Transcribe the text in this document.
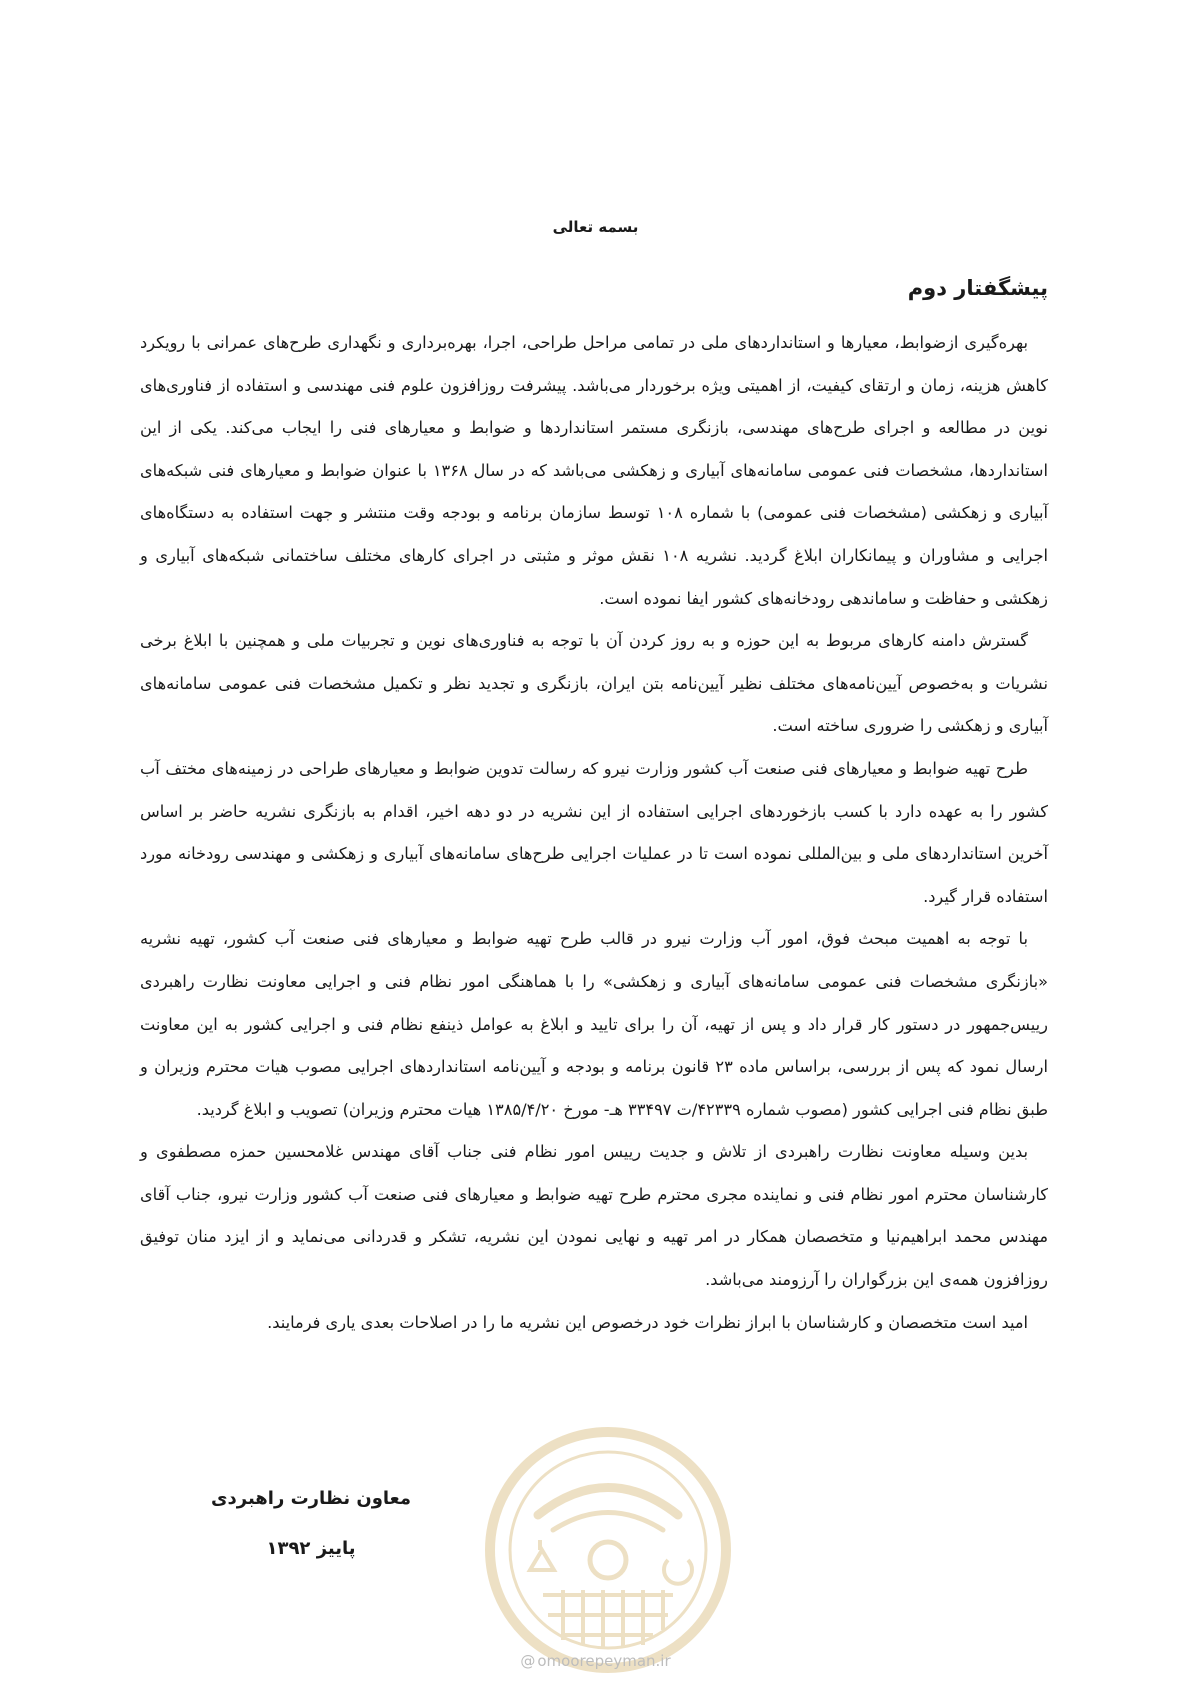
بسمه تعالی
پیشگفتار دوم

بهره‌گیری ازضوابط، معیارها و استانداردهای ملی در تمامی مراحل طراحی، اجرا، بهره‌برداری و نگهداری طرح‌های عمرانی با رویکرد کاهش هزینه، زمان و ارتقای کیفیت، از اهمیتی ویژه برخوردار می‌باشد. پیشرفت روزافزون علوم فنی مهندسی و استفاده از فناوری‌های نوین در مطالعه و اجرای طرح‌های مهندسی، بازنگری مستمر استانداردها و ضوابط و معیارهای فنی را ایجاب می‌کند. یکی از این استانداردها، مشخصات فنی عمومی سامانه‌های آبیاری و زهکشی می‌باشد که در سال ۱۳۶۸ با عنوان ضوابط و معیارهای فنی شبکه‌های آبیاری و زهکشی (مشخصات فنی عمومی) با شماره ۱۰۸ توسط سازمان برنامه و بودجه وقت منتشر و جهت استفاده به دستگاه‌های اجرایی و مشاوران و پیمانکاران ابلاغ گردید. نشریه ۱۰۸ نقش موثر و مثبتی در اجرای کارهای مختلف ساختمانی شبکه‌های آبیاری و زهکشی و حفاظت و ساماندهی رودخانه‌های کشور ایفا نموده است.

گسترش دامنه کارهای مربوط به این حوزه و به روز کردن آن با توجه به فناوری‌های نوین و تجربیات ملی و همچنین با ابلاغ برخی نشریات و به‌خصوص آیین‌نامه‌های مختلف نظیر آیین‌نامه بتن ایران، بازنگری و تجدید نظر و تکمیل مشخصات فنی عمومی سامانه‌های آبیاری و زهکشی را ضروری ساخته است.

طرح تهیه ضوابط و معیارهای فنی صنعت آب کشور وزارت نیرو که رسالت تدوین ضوابط و معیارهای طراحی در زمینه‌های مختف آب کشور را به عهده دارد با کسب بازخوردهای اجرایی استفاده از این نشریه در دو دهه اخیر، اقدام به بازنگری نشریه حاضر بر اساس آخرین استانداردهای ملی و بین‌المللی نموده است تا در عملیات اجرایی طرح‌های سامانه‌های آبیاری و زهکشی و مهندسی رودخانه مورد استفاده قرار گیرد.

با توجه به اهمیت مبحث فوق، امور آب وزارت نیرو در قالب طرح تهیه ضوابط و معیارهای فنی صنعت آب کشور، تهیه نشریه «بازنگری مشخصات فنی عمومی سامانه‌های آبیاری و زهکشی» را با هماهنگی امور نظام فنی و اجرایی معاونت نظارت راهبردی رییس‌جمهور در دستور کار قرار داد و پس از تهیه، آن را برای تایید و ابلاغ به عوامل ذینفع نظام فنی و اجرایی کشور به این معاونت ارسال نمود که پس از بررسی، براساس ماده ۲۳ قانون برنامه و بودجه و آیین‌نامه استانداردهای اجرایی مصوب هیات محترم وزیران و طبق نظام فنی اجرایی کشور (مصوب شماره ۴۲۳۳۹/ت ۳۳۴۹۷ هـ- مورخ ۱۳۸۵/۴/۲۰ هیات محترم وزیران) تصویب و ابلاغ گردید.

بدین وسیله معاونت نظارت راهبردی از تلاش و جدیت رییس امور نظام فنی جناب آقای مهندس غلامحسین حمزه مصطفوی و کارشناسان محترم امور نظام فنی و نماینده مجری محترم طرح تهیه ضوابط و معیارهای فنی صنعت آب کشور وزارت نیرو، جناب آقای مهندس محمد ابراهیم‌نیا و متخصصان همکار در امر تهیه و نهایی نمودن این نشریه، تشکر و قدردانی می‌نماید و از ایزد منان توفیق روزافزون همه‌ی این بزرگواران را آرزومند می‌باشد.

امید است متخصصان و کارشناسان با ابراز نظرات خود درخصوص این نشریه ما را در اصلاحات بعدی یاری فرمایند.

معاون نظارت راهبردی
پاییز ۱۳۹۲
@ omoorepeyman.ir
